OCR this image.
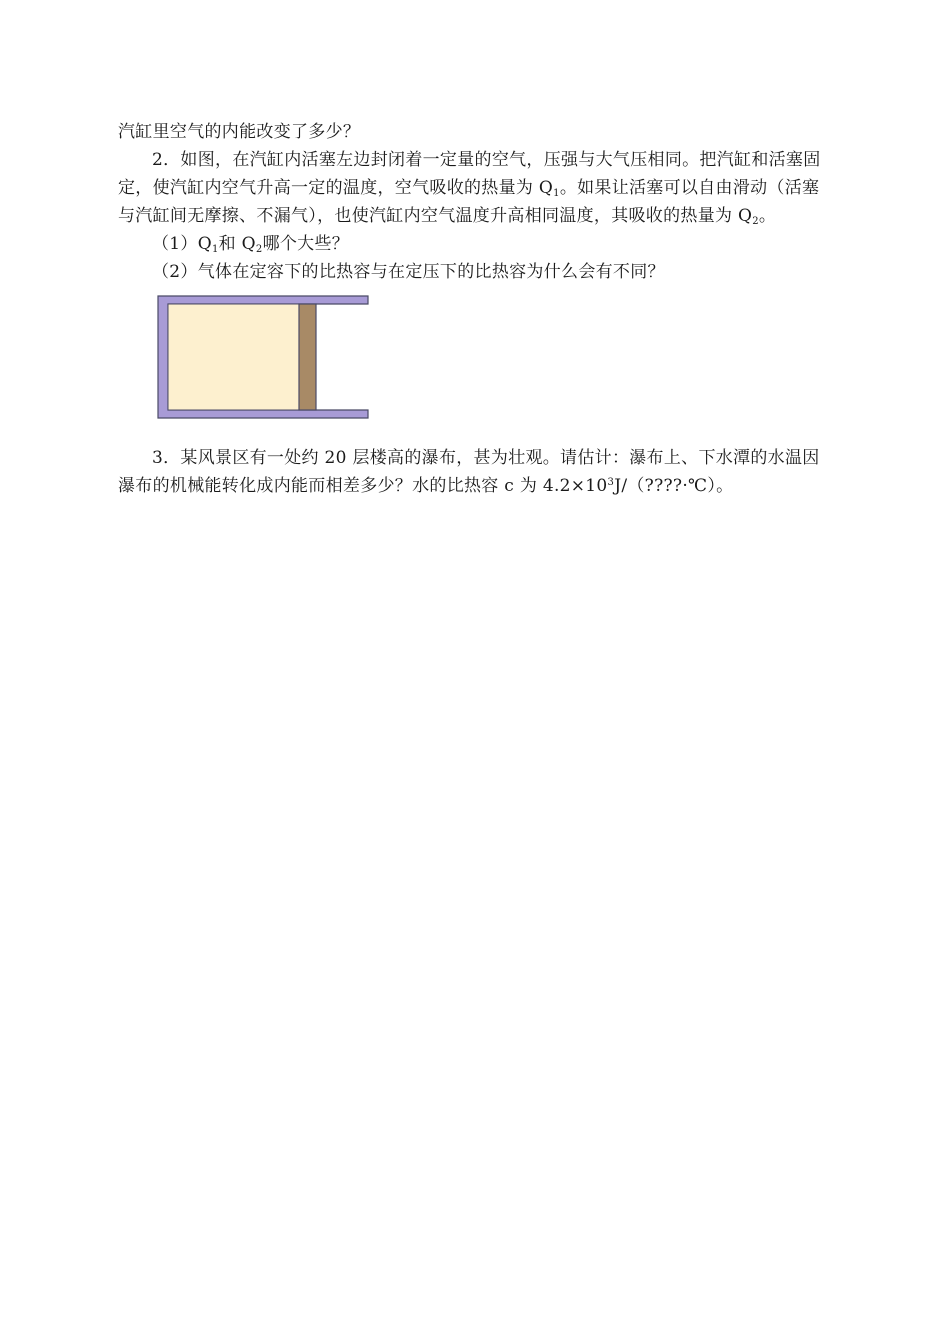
汽缸里空气的内能改变了多少？

2．如图，在汽缸内活塞左边封闭着一定量的空气，压强与大气压相同。把汽缸和活塞固定，使汽缸内空气升高一定的温度，空气吸收的热量为 $Q_1$。如果让活塞可以自由滑动（活塞与汽缸间无摩擦、不漏气），也使汽缸内空气温度升高相同温度，其吸收的热量为 $Q_2$。

$(1)Q_1$和 $Q_2$哪个大些？

（2）气体在定容下的比热容与在定压下的比热容为什么会有不同？

3．某风景区有一处约 20 层楼高的瀑布，甚为壮观。请估计：瀑布上、下水潭的水温因瀑布的机械能转化成内能而相差多少？水的比热容 c 为 $4.2\times 10^3J/(????\cdot℃)$。
